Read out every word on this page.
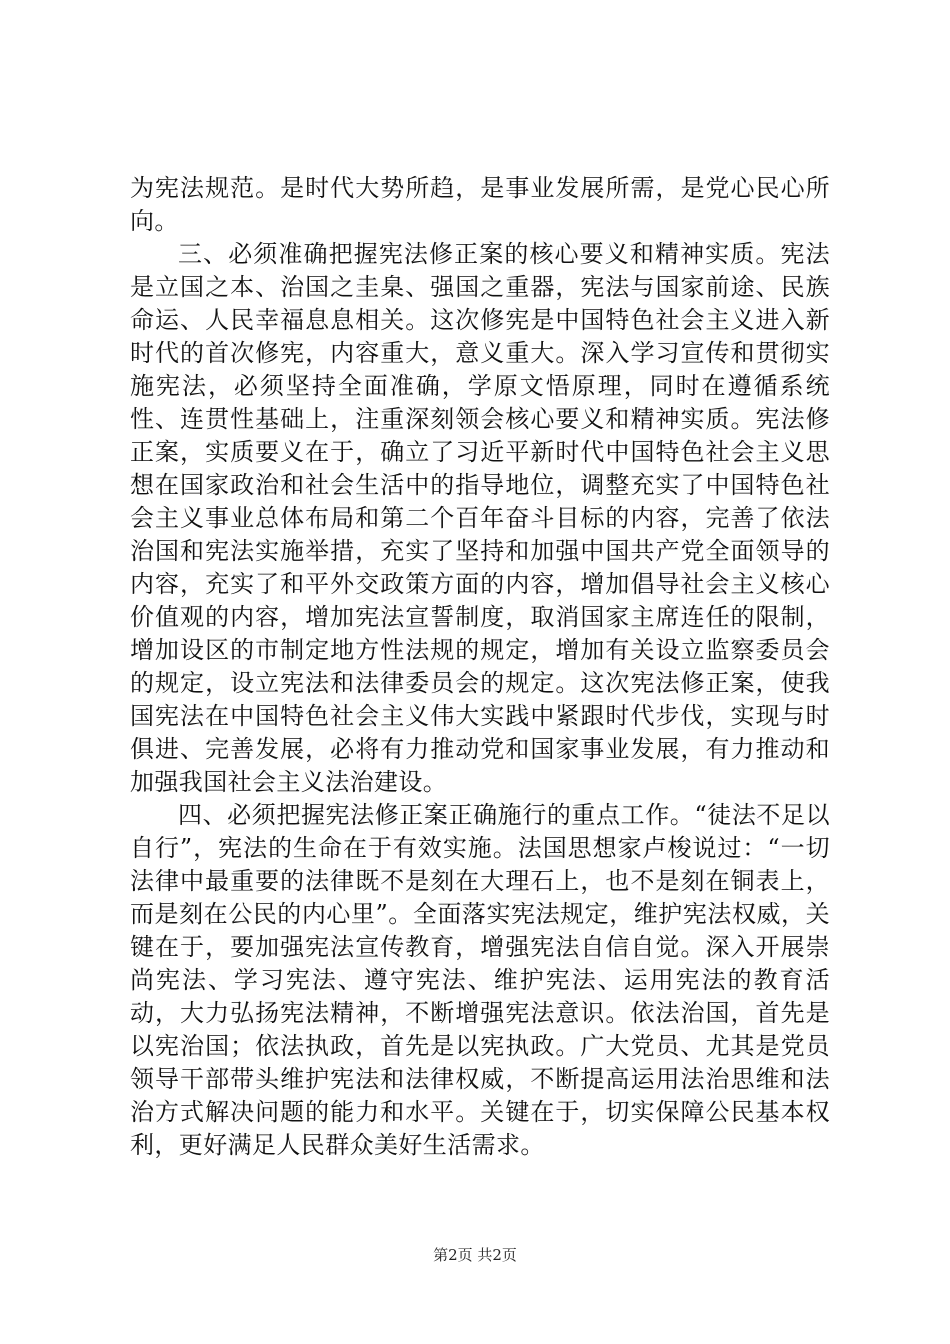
为宪法规范。是时代大势所趋，是事业发展所需，是党心民心所向。

三、必须准确把握宪法修正案的核心要义和精神实质。宪法是立国之本、治国之圭臬、强国之重器，宪法与国家前途、民族命运、人民幸福息息相关。这次修宪是中国特色社会主义进入新时代的首次修宪，内容重大，意义重大。深入学习宣传和贯彻实施宪法，必须坚持全面准确，学原文悟原理，同时在遵循系统性、连贯性基础上，注重深刻领会核心要义和精神实质。宪法修正案，实质要义在于，确立了习近平新时代中国特色社会主义思想在国家政治和社会生活中的指导地位，调整充实了中国特色社会主义事业总体布局和第二个百年奋斗目标的内容，完善了依法治国和宪法实施举措，充实了坚持和加强中国共产党全面领导的内容，充实了和平外交政策方面的内容，增加倡导社会主义核心价值观的内容，增加宪法宣誓制度，取消国家主席连任的限制，增加设区的市制定地方性法规的规定，增加有关设立监察委员会的规定，设立宪法和法律委员会的规定。这次宪法修正案，使我国宪法在中国特色社会主义伟大实践中紧跟时代步伐，实现与时俱进、完善发展，必将有力推动党和国家事业发展，有力推动和加强我国社会主义法治建设。

四、必须把握宪法修正案正确施行的重点工作。“徒法不足以自行”，宪法的生命在于有效实施。法国思想家卢梭说过：“一切法律中最重要的法律既不是刻在大理石上，也不是刻在铜表上，而是刻在公民的内心里”。全面落实宪法规定，维护宪法权威，关键在于，要加强宪法宣传教育，增强宪法自信自觉。深入开展崇尚宪法、学习宪法、遵守宪法、维护宪法、运用宪法的教育活动，大力弘扬宪法精神，不断增强宪法意识。依法治国，首先是以宪治国；依法执政，首先是以宪执政。广大党员、尤其是党员领导干部带头维护宪法和法律权威，不断提高运用法治思维和法治方式解决问题的能力和水平。关键在于，切实保障公民基本权利，更好满足人民群众美好生活需求。

第2页 共2页
